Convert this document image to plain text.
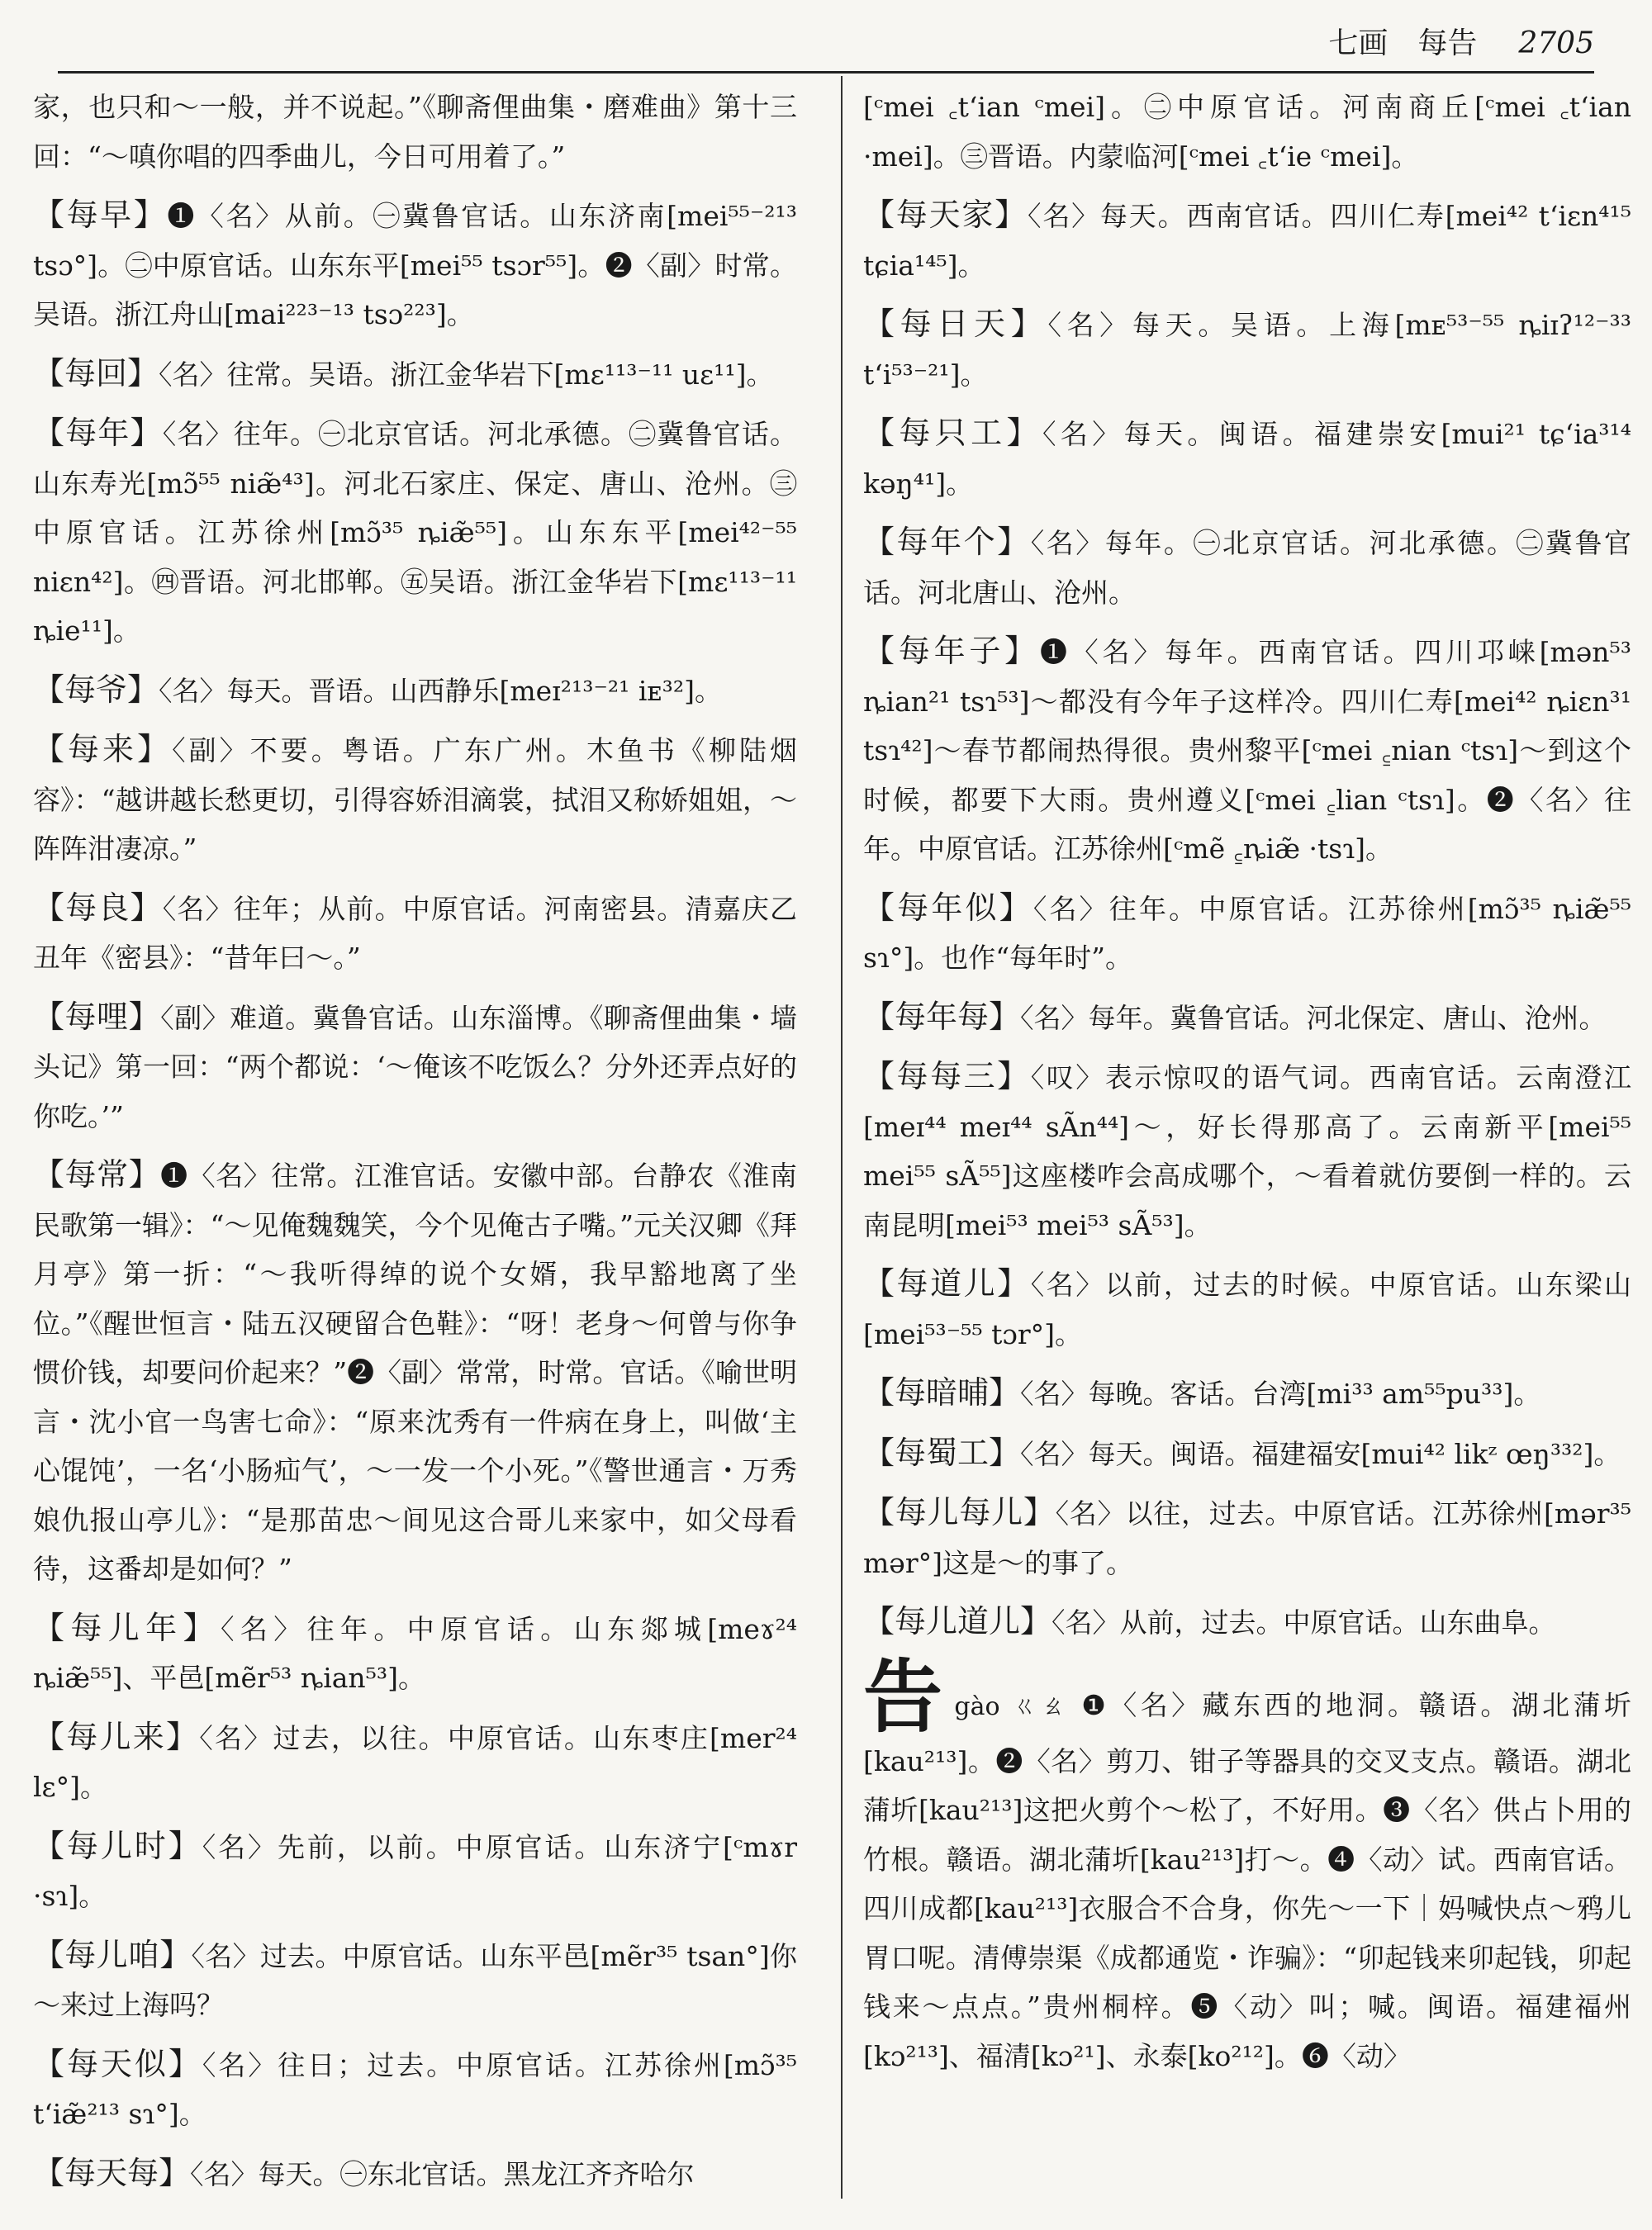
七画　每告 2705

家，也只和～一般，并不说起。”《聊斋俚曲集・磨难曲》第十三回：“～嗔你唱的四季曲儿，今日可用着了。”

【每早】❶〈名〉从前。㊀冀鲁官话。山东济南[mei⁵⁵⁻²¹³ tsɔ°]。㊁中原官话。山东东平[mei⁵⁵ tsɔr⁵⁵]。❷〈副〉时常。吴语。浙江舟山[mai²²³⁻¹³ tsɔ²²³]。

【每回】〈名〉往常。吴语。浙江金华岩下[mɛ¹¹³⁻¹¹ uɛ¹¹]。

【每年】〈名〉往年。㊀北京官话。河北承德。㊁冀鲁官话。山东寿光[mɔ̃⁵⁵ niæ̃⁴³]。河北石家庄、保定、唐山、沧州。㊂中原官话。江苏徐州[mɔ̃³⁵ ȵiæ̃⁵⁵]。山东东平[mei⁴²⁻⁵⁵ niɛn⁴²]。㊃晋语。河北邯郸。㊄吴语。浙江金华岩下[mɛ¹¹³⁻¹¹ ȵie¹¹]。

【每爷】〈名〉每天。晋语。山西静乐[meɪ²¹³⁻²¹ iᴇ³²]。

【每来】〈副〉不要。粤语。广东广州。木鱼书《柳陆烟容》：“越讲越长愁更切，引得容娇泪滴裳，拭泪又称娇姐姐，～阵阵泔凄凉。”

【每良】〈名〉往年；从前。中原官话。河南密县。清嘉庆乙丑年《密县》：“昔年曰～。”

【每哩】〈副〉难道。冀鲁官话。山东淄博。《聊斋俚曲集・墙头记》第一回：“两个都说：‘～俺该不吃饭么？分外还弄点好的你吃。’”

【每常】❶〈名〉往常。江淮官话。安徽中部。台静农《淮南民歌第一辑》：“～见俺魏魏笑，今个见俺古子嘴。”元关汉卿《拜月亭》第一折：“～我听得绰的说个女婿，我早豁地离了坐位。”《醒世恒言・陆五汉硬留合色鞋》：“呀！老身～何曾与你争惯价钱，却要问价起来？”❷〈副〉常常，时常。官话。《喻世明言・沈小官一鸟害七命》：“原来沈秀有一件病在身上，叫做‘主心馄饨’，一名‘小肠疝气’，～一发一个小死。”《警世通言・万秀娘仇报山亭儿》：“是那苗忠～间见这合哥儿来家中，如父母看待，这番却是如何？”

【每儿年】〈名〉往年。中原官话。山东郯城[meɤ²⁴ ȵiæ̃⁵⁵]、平邑[mẽr⁵³ ȵian⁵³]。

【每儿来】〈名〉过去，以往。中原官话。山东枣庄[mer²⁴ lɛ°]。

【每儿时】〈名〉先前，以前。中原官话。山东济宁[ᶜmɤr ·sɿ]。

【每儿咱】〈名〉过去。中原官话。山东平邑[mẽr³⁵ tsan°]你～来过上海吗？

【每天似】〈名〉往日；过去。中原官话。江苏徐州[mɔ̃³⁵ tʻiæ̃²¹³ sɿ°]。

【每天每】〈名〉每天。㊀东北官话。黑龙江齐齐哈尔

[ᶜmei ꜀tʻian ᶜmei]。㊁中原官话。河南商丘[ᶜmei ꜀tʻian ·mei]。㊂晋语。内蒙临河[ᶜmei ꜀tʻie ᶜmei]。

【每天家】〈名〉每天。西南官话。四川仁寿[mei⁴² tʻiɛn⁴¹⁵ tɕia¹⁴⁵]。

【每日天】〈名〉每天。吴语。上海[mᴇ⁵³⁻⁵⁵ ȵiɪʔ¹²⁻³³ tʻi⁵³⁻²¹]。

【每只工】〈名〉每天。闽语。福建崇安[mui²¹ tɕʻia³¹⁴ kəŋ⁴¹]。

【每年个】〈名〉每年。㊀北京官话。河北承德。㊁冀鲁官话。河北唐山、沧州。

【每年子】❶〈名〉每年。西南官话。四川邛崃[mən⁵³ ȵian²¹ tsɿ⁵³]～都没有今年子这样冷。四川仁寿[mei⁴² ȵiɛn³¹ tsɿ⁴²]～春节都闹热得很。贵州黎平[ᶜmei ꜁nian ᶜtsɿ]～到这个时候，都要下大雨。贵州遵义[ᶜmei ꜁lian ᶜtsɿ]。❷〈名〉往年。中原官话。江苏徐州[ᶜmẽ ꜁ȵiæ̃ ·tsɿ]。

【每年似】〈名〉往年。中原官话。江苏徐州[mɔ̃³⁵ ȵiæ̃⁵⁵ sɿ°]。也作“每年时”。

【每年每】〈名〉每年。冀鲁官话。河北保定、唐山、沧州。

【每每三】〈叹〉表示惊叹的语气词。西南官话。云南澄江[meɪ⁴⁴ meɪ⁴⁴ sÃn⁴⁴]～，好长得那高了。云南新平[mei⁵⁵ mei⁵⁵ sÃ⁵⁵]这座楼咋会高成哪个，～看着就仿要倒一样的。云南昆明[mei⁵³ mei⁵³ sÃ⁵³]。

【每道儿】〈名〉以前，过去的时候。中原官话。山东梁山[mei⁵³⁻⁵⁵ tɔr°]。

【每暗晡】〈名〉每晚。客话。台湾[mi³³ am⁵⁵pu³³]。

【每蜀工】〈名〉每天。闽语。福建福安[mui⁴² likᶻ œŋ³³²]。

【每儿每儿】〈名〉以往，过去。中原官话。江苏徐州[mər³⁵ mər°]这是～的事了。

【每儿道儿】〈名〉从前，过去。中原官话。山东曲阜。

告gào ㄍㄠ ❶〈名〉藏东西的地洞。赣语。湖北蒲圻[kau²¹³]。❷〈名〉剪刀、钳子等器具的交叉支点。赣语。湖北蒲圻[kau²¹³]这把火剪个～松了，不好用。❸〈名〉供占卜用的竹根。赣语。湖北蒲圻[kau²¹³]打～。❹〈动〉试。西南官话。四川成都[kau²¹³]衣服合不合身，你先～一下｜妈喊快点～鸦儿胃口呢。清傅崇渠《成都通览・诈骗》：“卯起钱来卯起钱，卯起钱来～点点。”贵州桐梓。❺〈动〉叫；喊。闽语。福建福州[kɔ²¹³]、福清[kɔ²¹]、永泰[ko²¹²]。❻〈动〉
